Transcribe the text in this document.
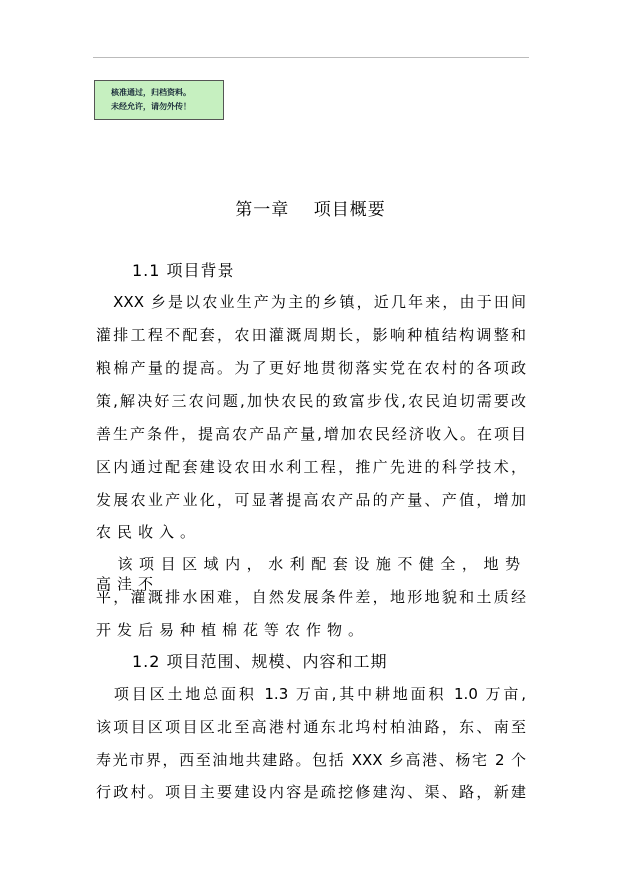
核准通过，归档资料。
未经允许，请勿外传！
第一章　 项目概要
1.1 项目背景
　XXX 乡是以农业生产为主的乡镇，近几年来，由于田间
灌排工程不配套，农田灌溉周期长，影响种植结构调整和
粮棉产量的提高。为了更好地贯彻落实党在农村的各项政
策,解决好三农问题,加快农民的致富步伐,农民迫切需要改
善生产条件，提高农产品产量,增加农民经济收入。在项目
区内通过配套建设农田水利工程，推广先进的科学技术，
发展农业产业化，可显著提高农产品的产量、产值，增加
农民收入。
　该项目区域内，水利配套设施不健全，地势高洼不
平，灌溉排水困难，自然发展条件差，地形地貌和土质经
开发后易种植棉花等农作物。
1.2 项目范围、规模、内容和工期
　项目区土地总面积 1.3 万亩,其中耕地面积 1.0 万亩,
该项目区项目区北至高港村通东北坞村柏油路，东、南至
寿光市界，西至油地共建路。包括 XXX 乡高港、杨宅 2 个
行政村。项目主要建设内容是疏挖修建沟、渠、路，新建
